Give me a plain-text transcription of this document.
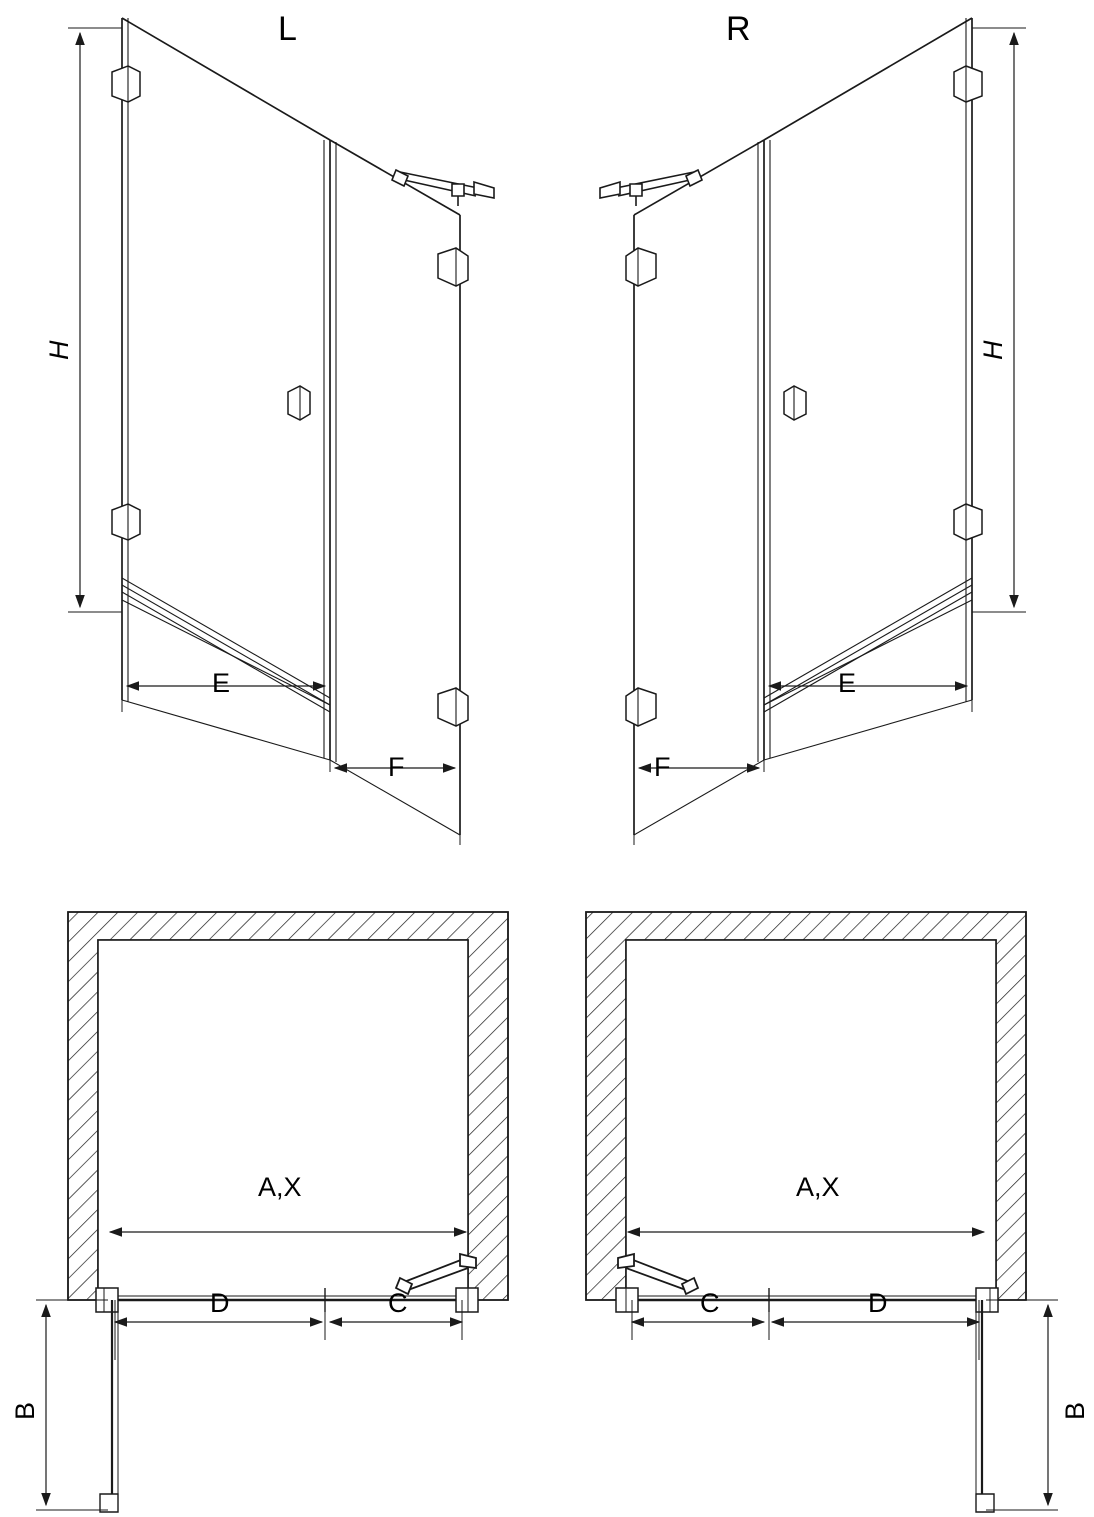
L	R
H	H
E
F
E
F
A,X	A,X
D	C	C	D
B	B
